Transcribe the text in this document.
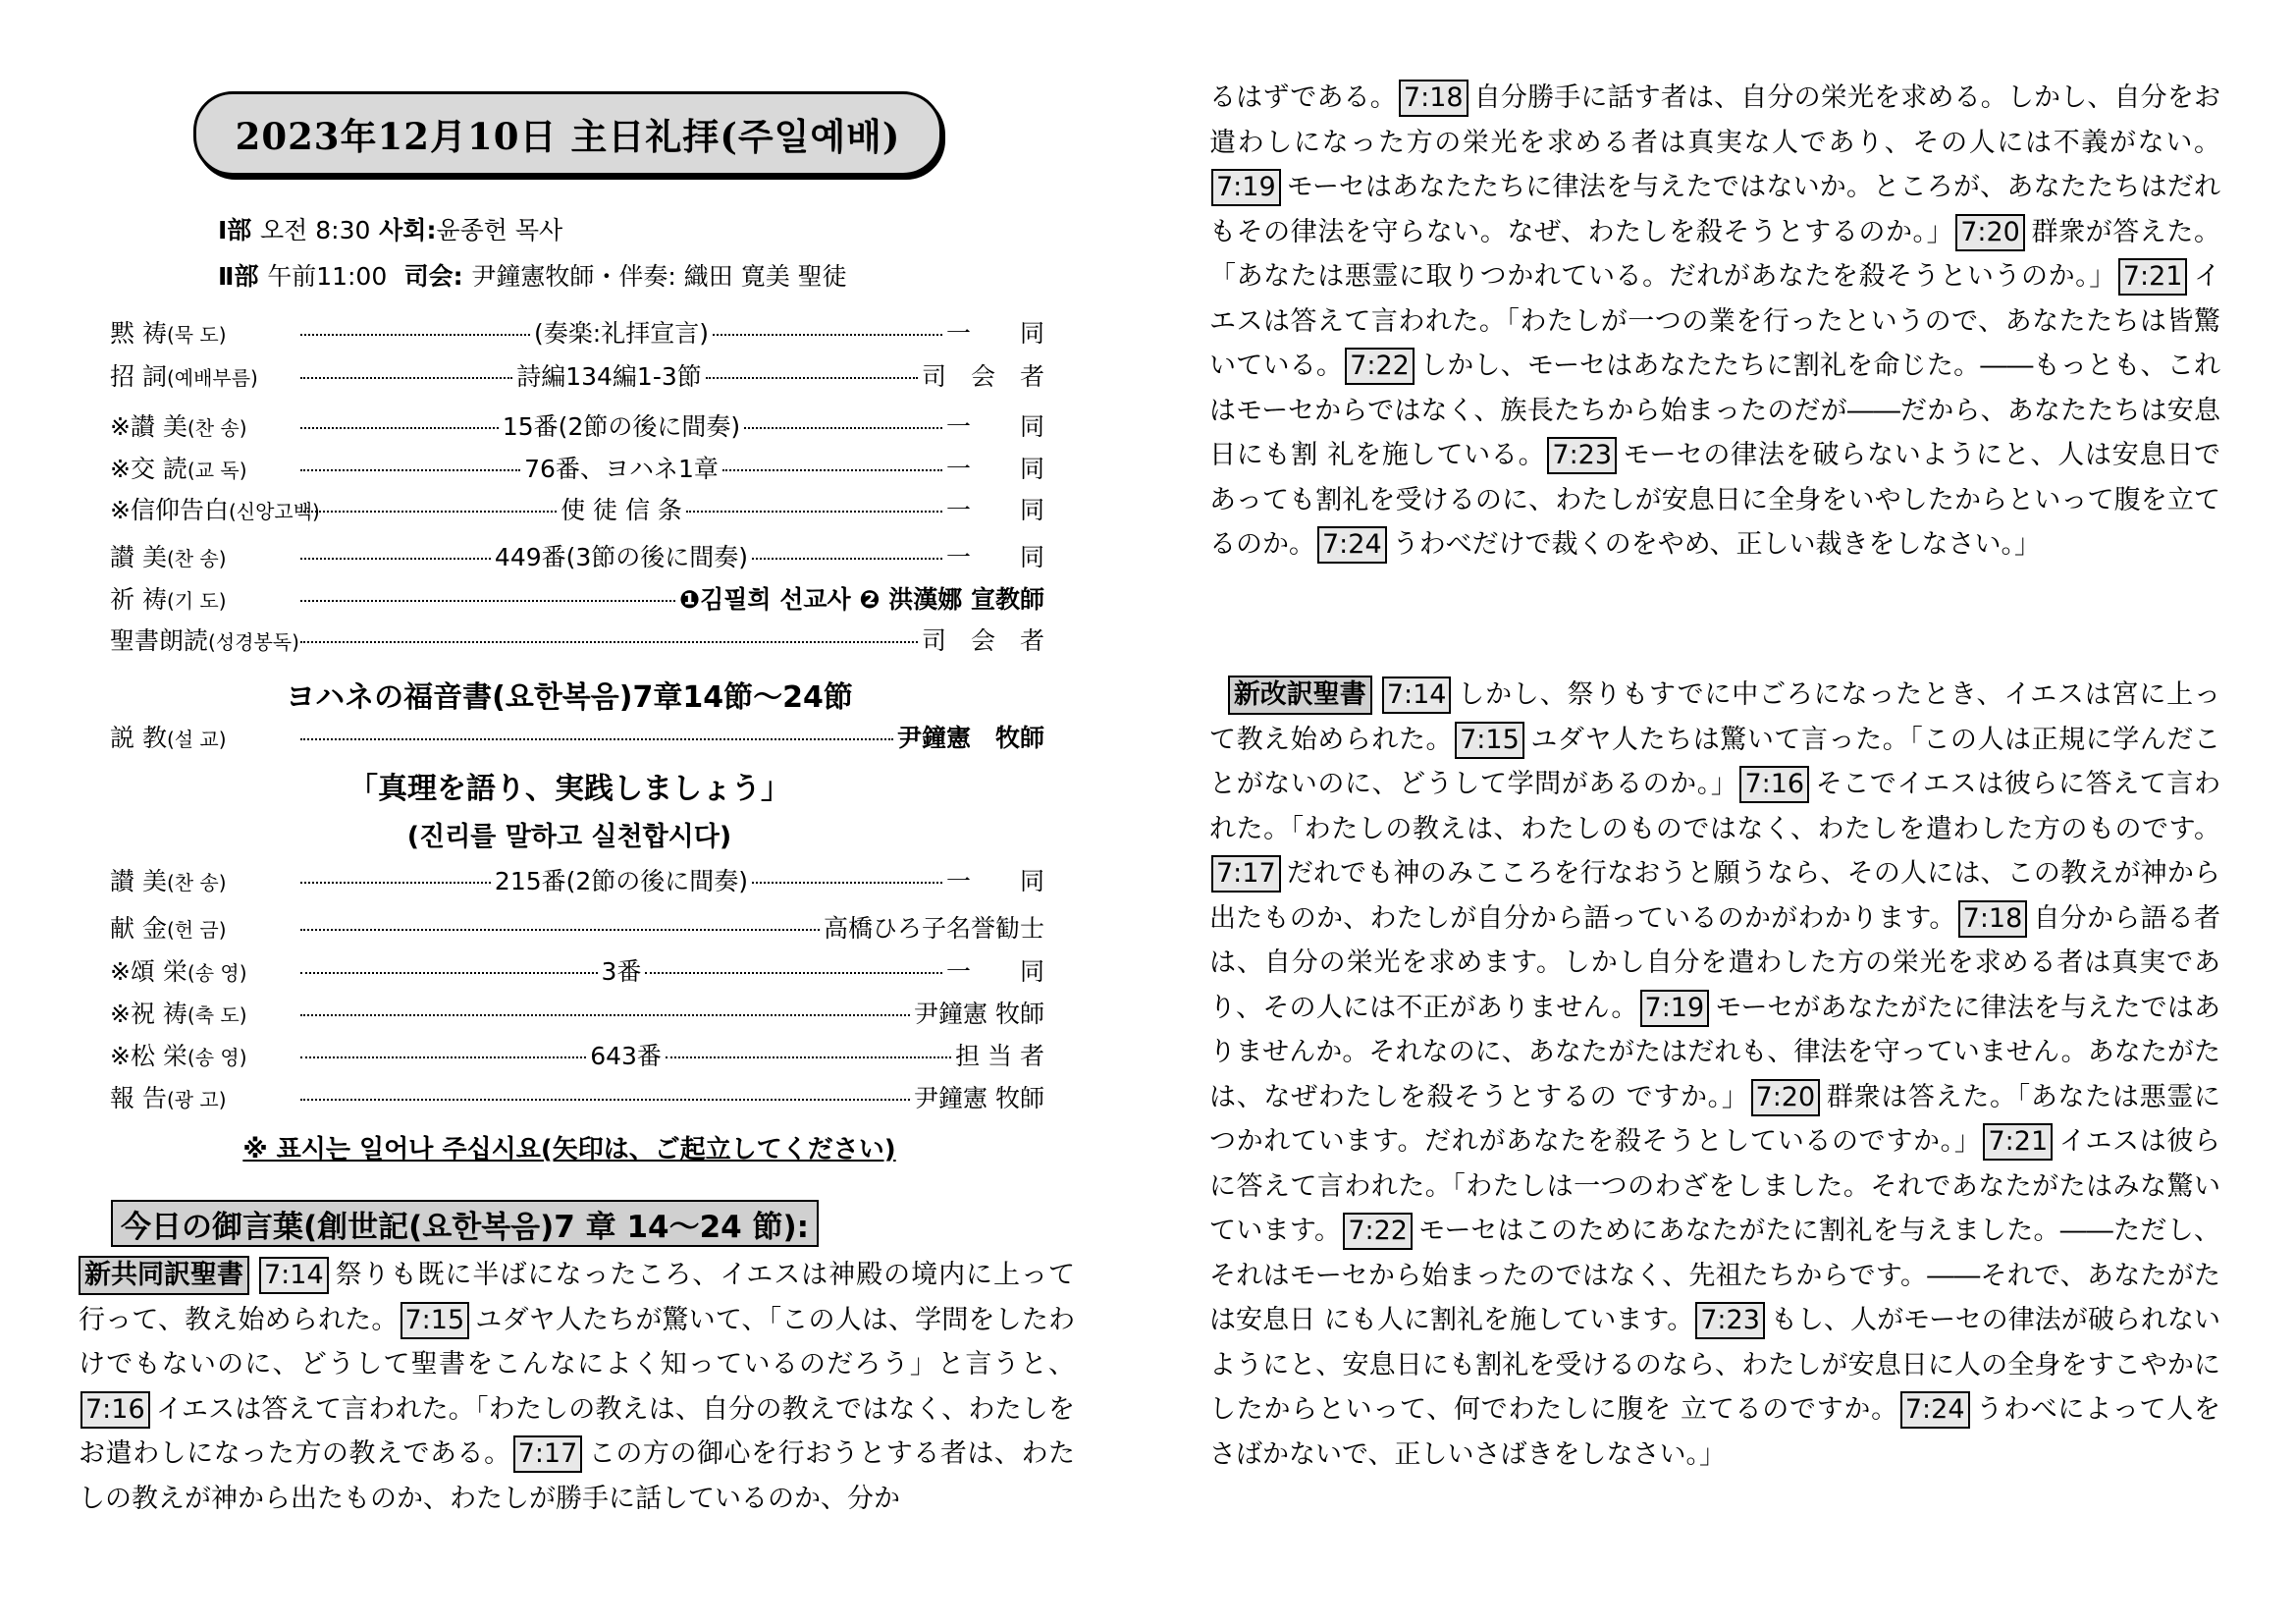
2023年12月10日 主日礼拝(주일예배)
Ⅰ部 오전 8:30 사회:윤종헌 목사
Ⅱ部 午前11:00 司会: 尹鐘憲牧師・伴奏: 織田 寛美 聖徒
黙 祷(묵 도)	(奏楽:礼拝宣言)	一　　同
招 詞(예배부름)	詩編134編1-3節	司　会　者
※讃 美(찬 송)	15番(2節の後に間奏)	一　　同
※交 読(교 독)	76番、ヨハネ1章	一　　同
※信仰告白(신앙고백)	使 徒 信 条	一　　同
讃 美(찬 송)	449番(3節の後に間奏)	一　　同
祈 祷(기 도)	❶김필희 선교사 ❷ 洪漢娜 宣教師
聖書朗読(성경봉독)	司　会　者
ヨハネの福音書(요한복음)7章14節～24節
説 教(설 교)	尹鐘憲　牧師
「真理を語り、実践しましょう」
(진리를 말하고 실천합시다)
讃 美(찬 송)	215番(2節の後に間奏)	一　　同
献 金(헌 금)	高橋ひろ子名誉勧士
※頌 栄(송 영)	3番	一　　同
※祝 祷(축 도)	尹鐘憲 牧師
※松 栄(송 영)	643番	担 当 者
報 告(광 고)	尹鐘憲 牧師
※ 표시는 일어나 주십시요(矢印は、ご起立してください)
今日の御言葉(創世記(요한복음)7 章 14～24 節):

新共同訳聖書 7:14 祭りも既に半ばになったころ、イエスは神殿の境内に上って行って、教え始められた。 7:15 ユダヤ人たちが驚いて、「この人は、学問をしたわけでもないのに、どうして聖書をこんなによく知っているのだろう」と言うと、7:16 イエスは答えて言われた。「わたしの教えは、自分の教えではなく、わたしをお遣わしになった方の教えである。 7:17 この方の御心を行おうとする者は、わたしの教えが神から出たものか、わたしが勝手に話しているのか、分か

るはずである。 7:18 自分勝手に話す者は、自分の栄光を求める。しかし、自分をお遣わしになった方の栄光を求める者は真実な人であり、その人には不義がない。7:19 モーセはあなたたちに律法を与えたではないか。ところが、あなたたちはだれもその律法を守らない。なぜ、わたしを殺そうとするのか。」 7:20 群衆が答えた。「あなたは悪霊に取りつかれている。だれがあなたを殺そうというのか。」 7:21 イエスは答えて言われた。「わたしが一つの業を行ったというので、あなたたちは皆驚いている。 7:22 しかし、モーセはあなたたちに割礼を命じた。――もっとも、これはモーセからではなく、族長たちから始まったのだが――だから、あなたたちは安息日にも割 礼を施している。 7:23 モーセの律法を破らないようにと、人は安息日であっても割礼を受けるのに、わたしが安息日に全身をいやしたからといって腹を立てるのか。 7:24 うわべだけで裁くのをやめ、正しい裁きをしなさい。」

新改訳聖書 7:14 しかし、祭りもすでに中ごろになったとき、イエスは宮に上って教え始められた。 7:15 ユダヤ人たちは驚いて言った。「この人は正規に学んだことがないのに、どうして学問があるのか。」 7:16 そこでイエスは彼らに答えて言われた。「わたしの教えは、わたしのものではなく、わたしを遣わした方のものです。7:17 だれでも神のみこころを行なおうと願うなら、その人には、この教えが神から出たものか、わたしが自分から語っているのかがわかります。 7:18 自分から語る者は、自分の栄光を求めます。しかし自分を遣わした方の栄光を求める者は真実であり、その人には不正がありません。 7:19 モーセがあなたがたに律法を与えたではありませんか。それなのに、あなたがたはだれも、律法を守っていません。あなたがたは、なぜわたしを殺そうとするの ですか。」 7:20 群衆は答えた。「あなたは悪霊につかれています。だれがあなたを殺そうとしているのですか。」 7:21 イエスは彼らに答えて言われた。「わたしは一つのわざをしました。それであなたがたはみな驚いています。 7:22 モーセはこのためにあなたがたに割礼を与えました。――ただし、それはモーセから始まったのではなく、先祖たちからです。――それで、あなたがたは安息日 にも人に割礼を施しています。 7:23 もし、人がモーセの律法が破られないようにと、安息日にも割礼を受けるのなら、わたしが安息日に人の全身をすこやかにしたからといって、何でわたしに腹を 立てるのですか。 7:24 うわべによって人をさばかないで、正しいさばきをしなさい。」
